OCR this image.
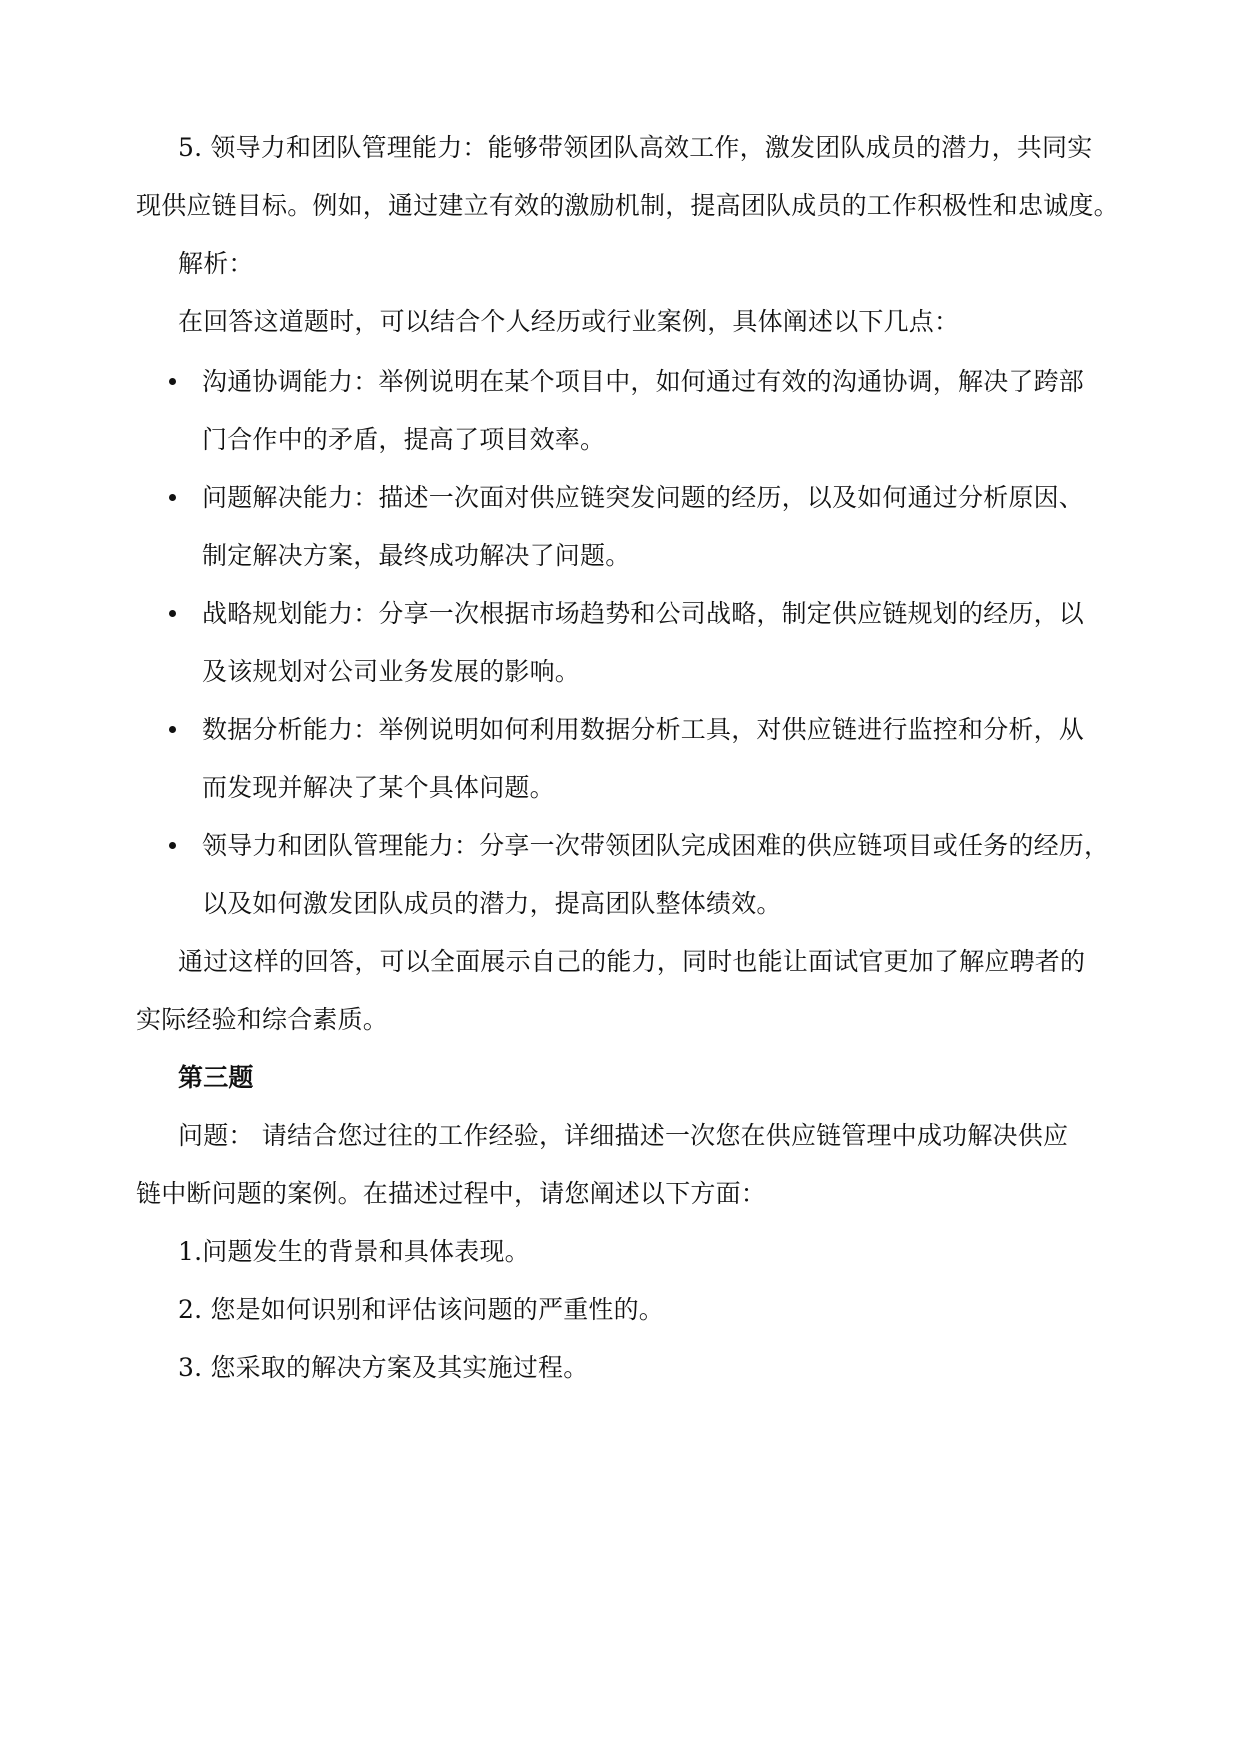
5. 领导力和团队管理能力：能够带领团队高效工作，激发团队成员的潜力，共同实
现供应链目标。例如，通过建立有效的激励机制，提高团队成员的工作积极性和忠诚度。
解析：
在回答这道题时，可以结合个人经历或行业案例，具体阐述以下几点：
沟通协调能力：举例说明在某个项目中，如何通过有效的沟通协调，解决了跨部
门合作中的矛盾，提高了项目效率。
问题解决能力：描述一次面对供应链突发问题的经历，以及如何通过分析原因、
制定解决方案，最终成功解决了问题。
战略规划能力：分享一次根据市场趋势和公司战略，制定供应链规划的经历，以
及该规划对公司业务发展的影响。
数据分析能力：举例说明如何利用数据分析工具，对供应链进行监控和分析，从
而发现并解决了某个具体问题。
领导力和团队管理能力：分享一次带领团队完成困难的供应链项目或任务的经历，
以及如何激发团队成员的潜力，提高团队整体绩效。
通过这样的回答，可以全面展示自己的能力，同时也能让面试官更加了解应聘者的
实际经验和综合素质。
第三题
问题： 请结合您过往的工作经验，详细描述一次您在供应链管理中成功解决供应
链中断问题的案例。在描述过程中，请您阐述以下方面：
1.问题发生的背景和具体表现。
2. 您是如何识别和评估该问题的严重性的。
3. 您采取的解决方案及其实施过程。
